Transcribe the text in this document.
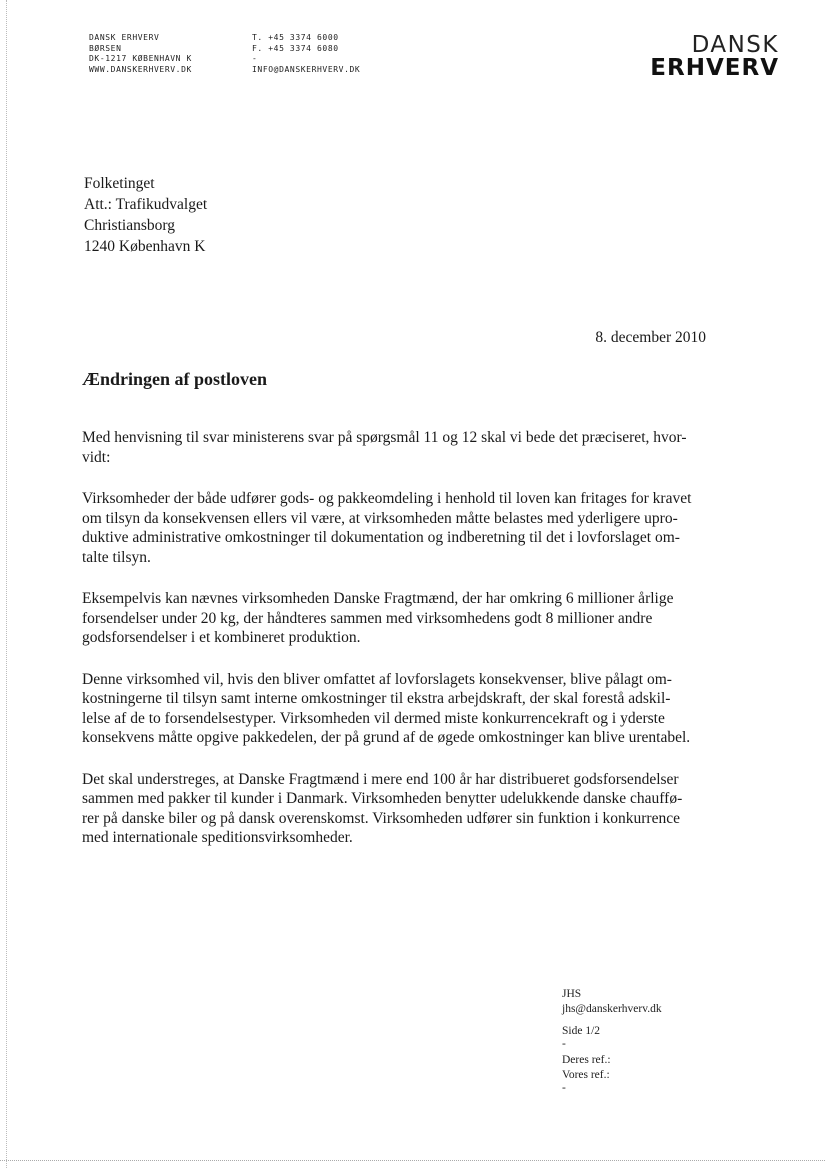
DANSK ERHVERV
BØRSEN
DK-1217 KØBENHAVN K
WWW.DANSKERHVERV.DK
T. +45 3374 6000
F. +45 3374 6080
-
INFO@DANSKERHVERV.DK
DANSK
ERHVERV
Folketinget
Att.: Trafikudvalget
Christiansborg
1240 København K
8. december 2010
Ændringen af postloven
Med henvisning til svar ministerens svar på spørgsmål 11 og 12 skal vi bede det præciseret, hvor-
vidt:
Virksomheder der både udfører gods- og pakkeomdeling i henhold til loven kan fritages for kravet
om tilsyn da konsekvensen ellers vil være, at virksomheden måtte belastes med yderligere upro-
duktive administrative omkostninger til dokumentation og indberetning til det i lovforslaget om-
talte tilsyn.
Eksempelvis kan nævnes virksomheden Danske Fragtmænd, der har omkring 6 millioner årlige
forsendelser under 20 kg, der håndteres sammen med virksomhedens godt 8 millioner andre
godsforsendelser i et kombineret produktion.
Denne virksomhed vil, hvis den bliver omfattet af lovforslagets konsekvenser, blive pålagt om-
kostningerne til tilsyn samt interne omkostninger til ekstra arbejdskraft, der skal forestå adskil-
lelse af de to forsendelsestyper. Virksomheden vil dermed miste konkurrencekraft og i yderste
konsekvens måtte opgive pakkedelen, der på grund af de øgede omkostninger kan blive urentabel.
Det skal understreges, at Danske Fragtmænd i mere end 100 år har distribueret godsforsendelser
sammen med pakker til kunder i Danmark. Virksomheden benytter udelukkende danske chauffø-
rer på danske biler og på dansk overenskomst. Virksomheden udfører sin funktion i konkurrence
med internationale speditionsvirksomheder.
JHS
jhs@danskerhverv.dk
Side 1/2
-
Deres ref.:
Vores ref.:
-
